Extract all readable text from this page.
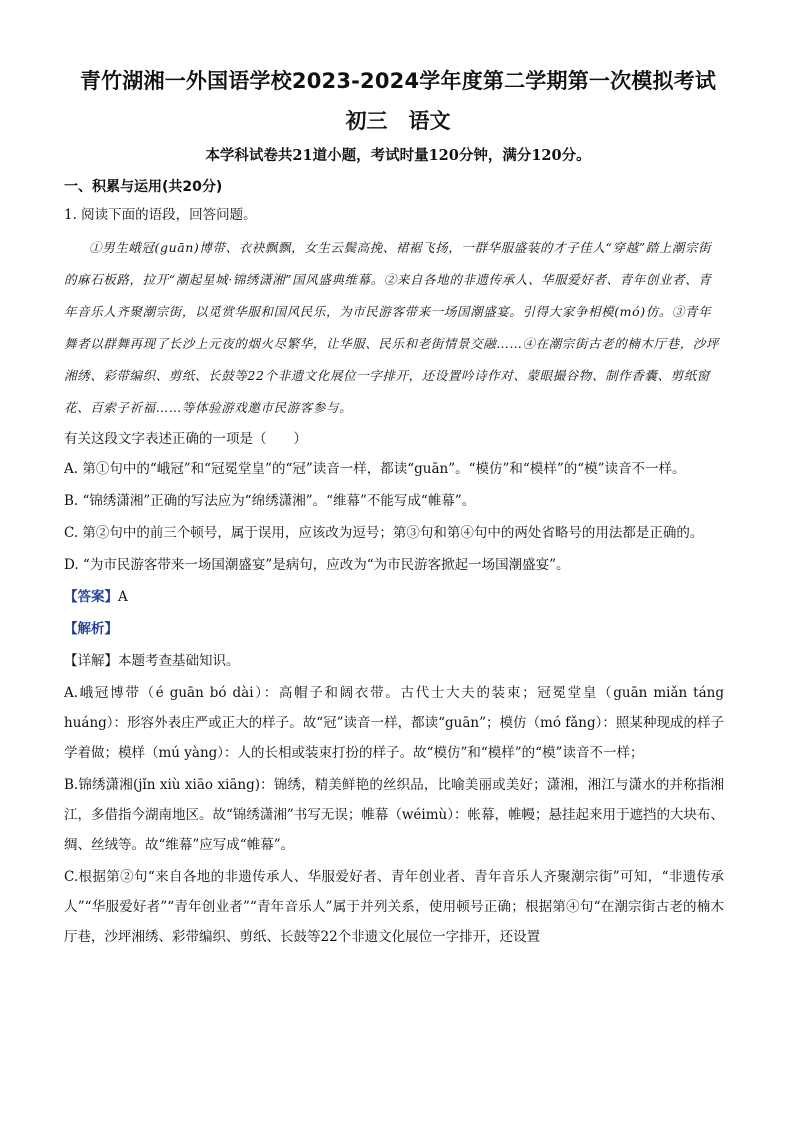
青竹湖湘一外国语学校2023-2024学年度第二学期第一次模拟考试
初三　语文
本学科试卷共21道小题，考试时量120分钟，满分120分。
一、积累与运用(共20分)
1. 阅读下面的语段，回答问题。
①男生峨冠(guān)博带、衣袂飘飘，女生云鬓高挽、裙裾飞扬，一群华服盛装的才子佳人“穿越”踏上潮宗街的麻石板路，拉开“潮起星城·锦绣潇湘”国风盛典维幕。②来自各地的非遗传承人、华服爱好者、青年创业者、青年音乐人齐聚潮宗街，以觅赏华服和国风民乐，为市民游客带来一场国潮盛宴。引得大家争相模(mó)仿。③青年舞者以群舞再现了长沙上元夜的烟火尽繁华，让华服、民乐和老街情景交融……④在潮宗街古老的楠木厅巷，沙坪湘绣、彩带编织、剪纸、长鼓等22个非遗文化展位一字排开，还设置吟诗作对、蒙眼撮谷物、制作香囊、剪纸窗花、百索子祈福……等体验游戏邀市民游客参与。
有关这段文字表述正确的一项是（　　）
A. 第①句中的“峨冠”和“冠冕堂皇”的“冠”读音一样，都读“guān”。“模仿”和“模样”的“模”读音不一样。
B. “锦绣潇湘”正确的写法应为“绵绣潇湘”。“维幕”不能写成“帷幕”。
C. 第②句中的前三个顿号，属于误用，应该改为逗号；第③句和第④句中的两处省略号的用法都是正确的。
D. “为市民游客带来一场国潮盛宴”是病句，应改为“为市民游客掀起一场国潮盛宴”。
【答案】A
【解析】
【详解】本题考查基础知识。
A.峨冠博带（é guān bó dài）：高帽子和阔衣带。古代士大夫的装束；冠冕堂皇（guān miǎn táng huáng）：形容外表庄严或正大的样子。故“冠”读音一样，都读“guān”；模仿（mó fǎng）：照某种现成的样子学着做；模样（mú yàng）：人的长相或装束打扮的样子。故“模仿”和“模样”的“模”读音不一样；
B.锦绣潇湘(jǐn xiù xiāo xiāng)：锦绣，精美鲜艳的丝织品，比喻美丽或美好；潇湘，湘江与潇水的并称指湘江，多借指今湖南地区。故“锦绣潇湘”书写无误；帷幕（wéimù）：帐幕，帷幔；悬挂起来用于遮挡的大块布、绸、丝绒等。故“维幕”应写成“帷幕”。
C.根据第②句“来自各地的非遗传承人、华服爱好者、青年创业者、青年音乐人齐聚潮宗街”可知，“非遗传承人”“华服爱好者”“青年创业者”“青年音乐人”属于并列关系，使用顿号正确；根据第④句“在潮宗街古老的楠木厅巷，沙坪湘绣、彩带编织、剪纸、长鼓等22个非遗文化展位一字排开，还设置
